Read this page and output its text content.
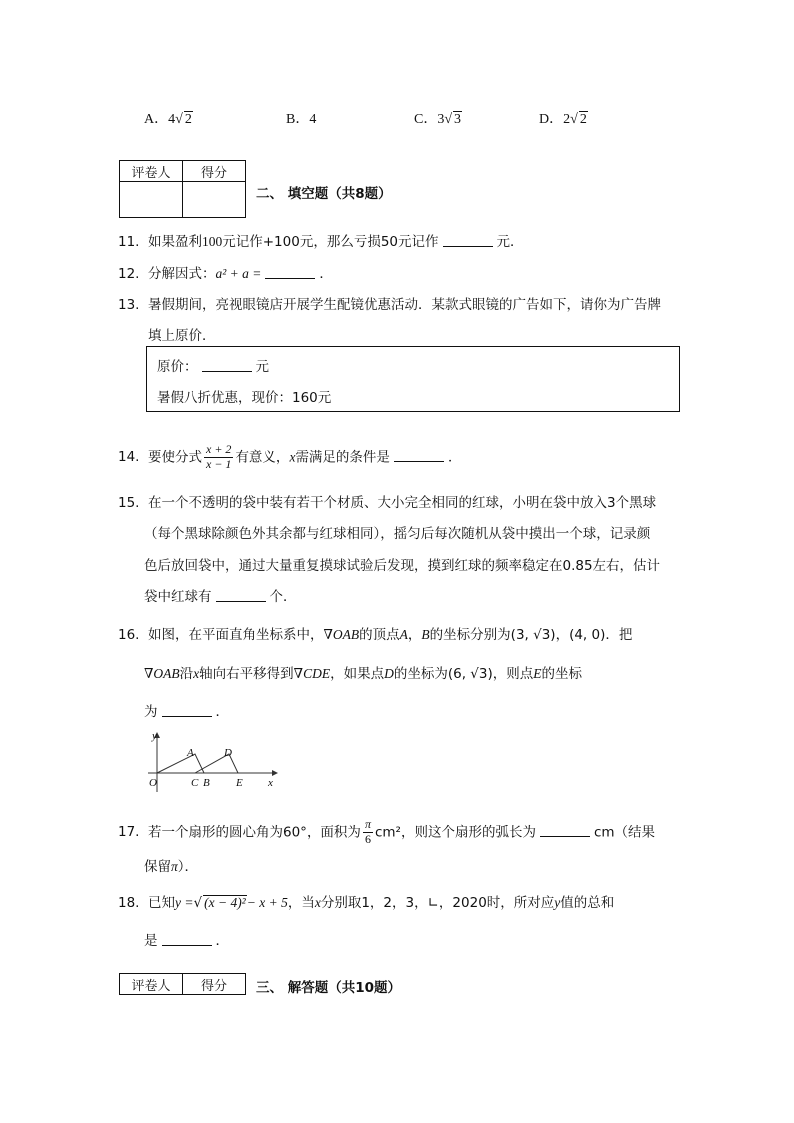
A．4√ 2	B．4	C．3√ 3	D．2√ 2
评卷人	得分

二、 填空题（共8题）
11. 如果盈利100元记作+100元，那么亏损50元记作	元．
12. 分解因式：a² + a =	．
13. 暑假期间，亮视眼镜店开展学生配镜优惠活动．某款式眼镜的广告如下，请你为广告牌
填上原价．
原价：	元
暑假八折优惠，现价：160元
14. 要使分式 $\frac{x + 2}{x - 1}$ 有意义，x需满足的条件是	．
15. 在一个不透明的袋中装有若干个材质、大小完全相同的红球，小明在袋中放入3个黑球
（每个黑球除颜色外其余都与红球相同），摇匀后每次随机从袋中摸出一个球，记录颜
色后放回袋中，通过大量重复摸球试验后发现，摸到红球的频率稳定在0.85左右，估计
袋中红球有	个．
16. 如图，在平面直角坐标系中，∇OAB的顶点A，B的坐标分别为(3, √3)，(4, 0)．把
∇OAB沿x轴向右平移得到∇CDE，如果点D的坐标为(6, √3)，则点E的坐标
为	．
y
x
O
A	D
C B E
17. 若一个扇形的圆心角为60°，面积为 $\frac{\pi}{6} cm^2$，则这个扇形的弧长为	cm（结果
保留π）．
18. 已知y =√ (x − 4)²− x + 5，当x分别取1，2，3，∟，2020时，所对应y值的总和
是	．
评卷人	得分 三、 解答题（共10题）
